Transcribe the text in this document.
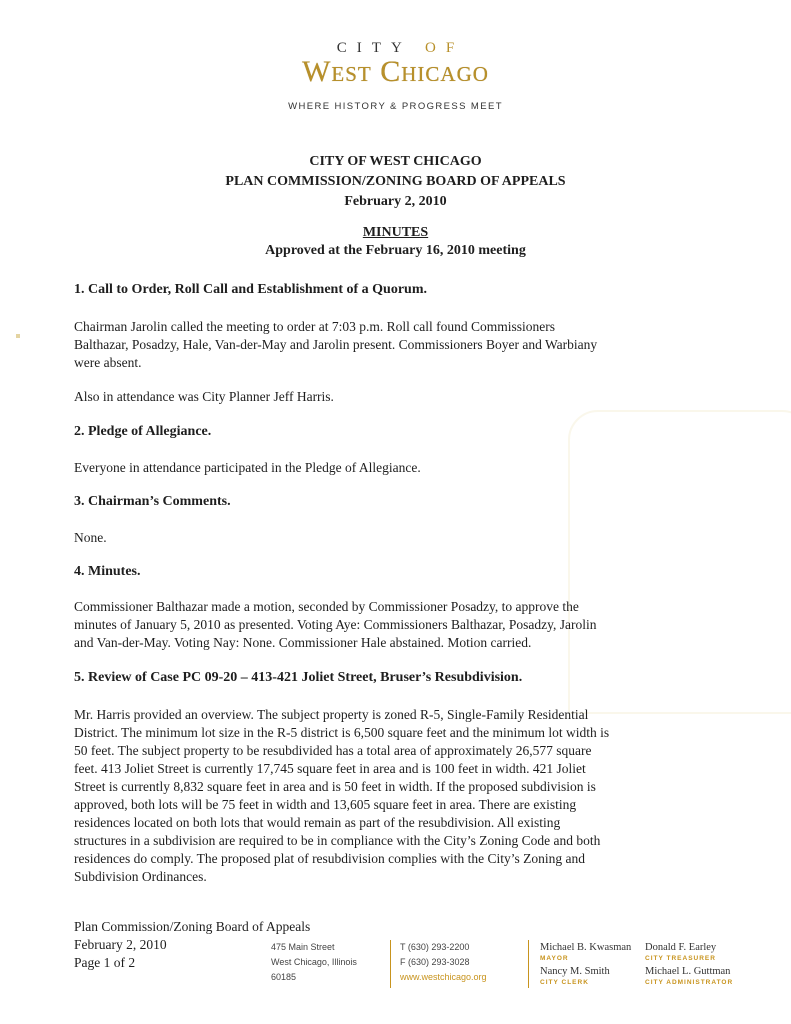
CITY OF
West Chicago
WHERE HISTORY & PROGRESS MEET
CITY OF WEST CHICAGO
PLAN COMMISSION/ZONING BOARD OF APPEALS
February 2, 2010
MINUTES
Approved at the February 16, 2010 meeting
1. Call to Order, Roll Call and Establishment of a Quorum.
Chairman Jarolin called the meeting to order at 7:03 p.m. Roll call found Commissioners
Balthazar, Posadzy, Hale, Van-der-May and Jarolin present. Commissioners Boyer and Warbiany
were absent.
Also in attendance was City Planner Jeff Harris.
2. Pledge of Allegiance.
Everyone in attendance participated in the Pledge of Allegiance.
3. Chairman’s Comments.
None.
4. Minutes.
Commissioner Balthazar made a motion, seconded by Commissioner Posadzy, to approve the
minutes of January 5, 2010 as presented. Voting Aye: Commissioners Balthazar, Posadzy, Jarolin
and Van-der-May. Voting Nay: None. Commissioner Hale abstained. Motion carried.
5. Review of Case PC 09-20 – 413-421 Joliet Street, Bruser’s Resubdivision.
Mr. Harris provided an overview. The subject property is zoned R-5, Single-Family Residential
District. The minimum lot size in the R-5 district is 6,500 square feet and the minimum lot width is
50 feet. The subject property to be resubdivided has a total area of approximately 26,577 square
feet. 413 Joliet Street is currently 17,745 square feet in area and is 100 feet in width. 421 Joliet
Street is currently 8,832 square feet in area and is 50 feet in width. If the proposed subdivision is
approved, both lots will be 75 feet in width and 13,605 square feet in area. There are existing
residences located on both lots that would remain as part of the resubdivision. All existing
structures in a subdivision are required to be in compliance with the City’s Zoning Code and both
residences do comply. The proposed plat of resubdivision complies with the City’s Zoning and
Subdivision Ordinances.
Plan Commission/Zoning Board of Appeals
February 2, 2010
Page 1 of 2
475 Main Street
West Chicago, Illinois
60185
T (630) 293-2200
F (630) 293-3028
www.westchicago.org
Michael B. Kwasman
MAYOR
Donald F. Earley
CITY TREASURER
Nancy M. Smith
CITY CLERK
Michael L. Guttman
CITY ADMINISTRATOR
